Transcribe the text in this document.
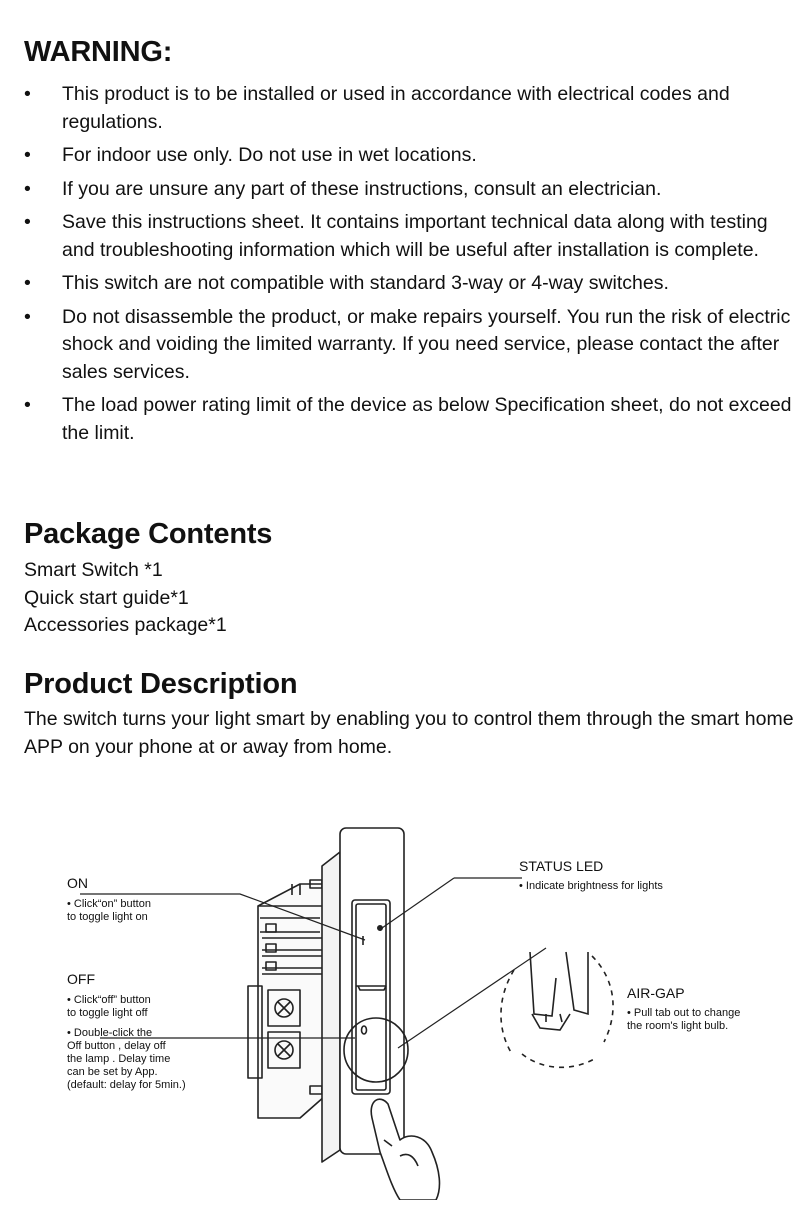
WARNING:
• This product is to be installed or used in accordance with electrical codes and regulations.
• For indoor use only. Do not use in wet locations.
• If you are unsure any part of these instructions, consult an electrician.
• Save this instructions sheet. It contains important technical data along with testing and troubleshooting information which will be useful after installation is complete.
• This switch are not compatible with standard 3-way or 4-way switches.
• Do not disassemble the product, or make repairs yourself. You run the risk of electric shock and voiding the limited warranty. If you need service, please contact the after sales services.
• The load power rating limit of the device as below Specification sheet, do not exceed the limit.
Package Contents
Smart Switch *1
Quick start guide*1
Accessories package*1
Product Description

The switch turns your light smart by enabling you to control them through the smart home APP on your phone at or away from home.

ON
• Click“on” button
to toggle light on
OFF
• Click“off” button
to toggle light off
• Double-click the
Off button , delay off
the lamp . Delay time
can be set by App.
(default: delay for 5min.)
STATUS LED
• Indicate brightness for lights
AIR-GAP
• Pull tab out to change
the room's light bulb.
